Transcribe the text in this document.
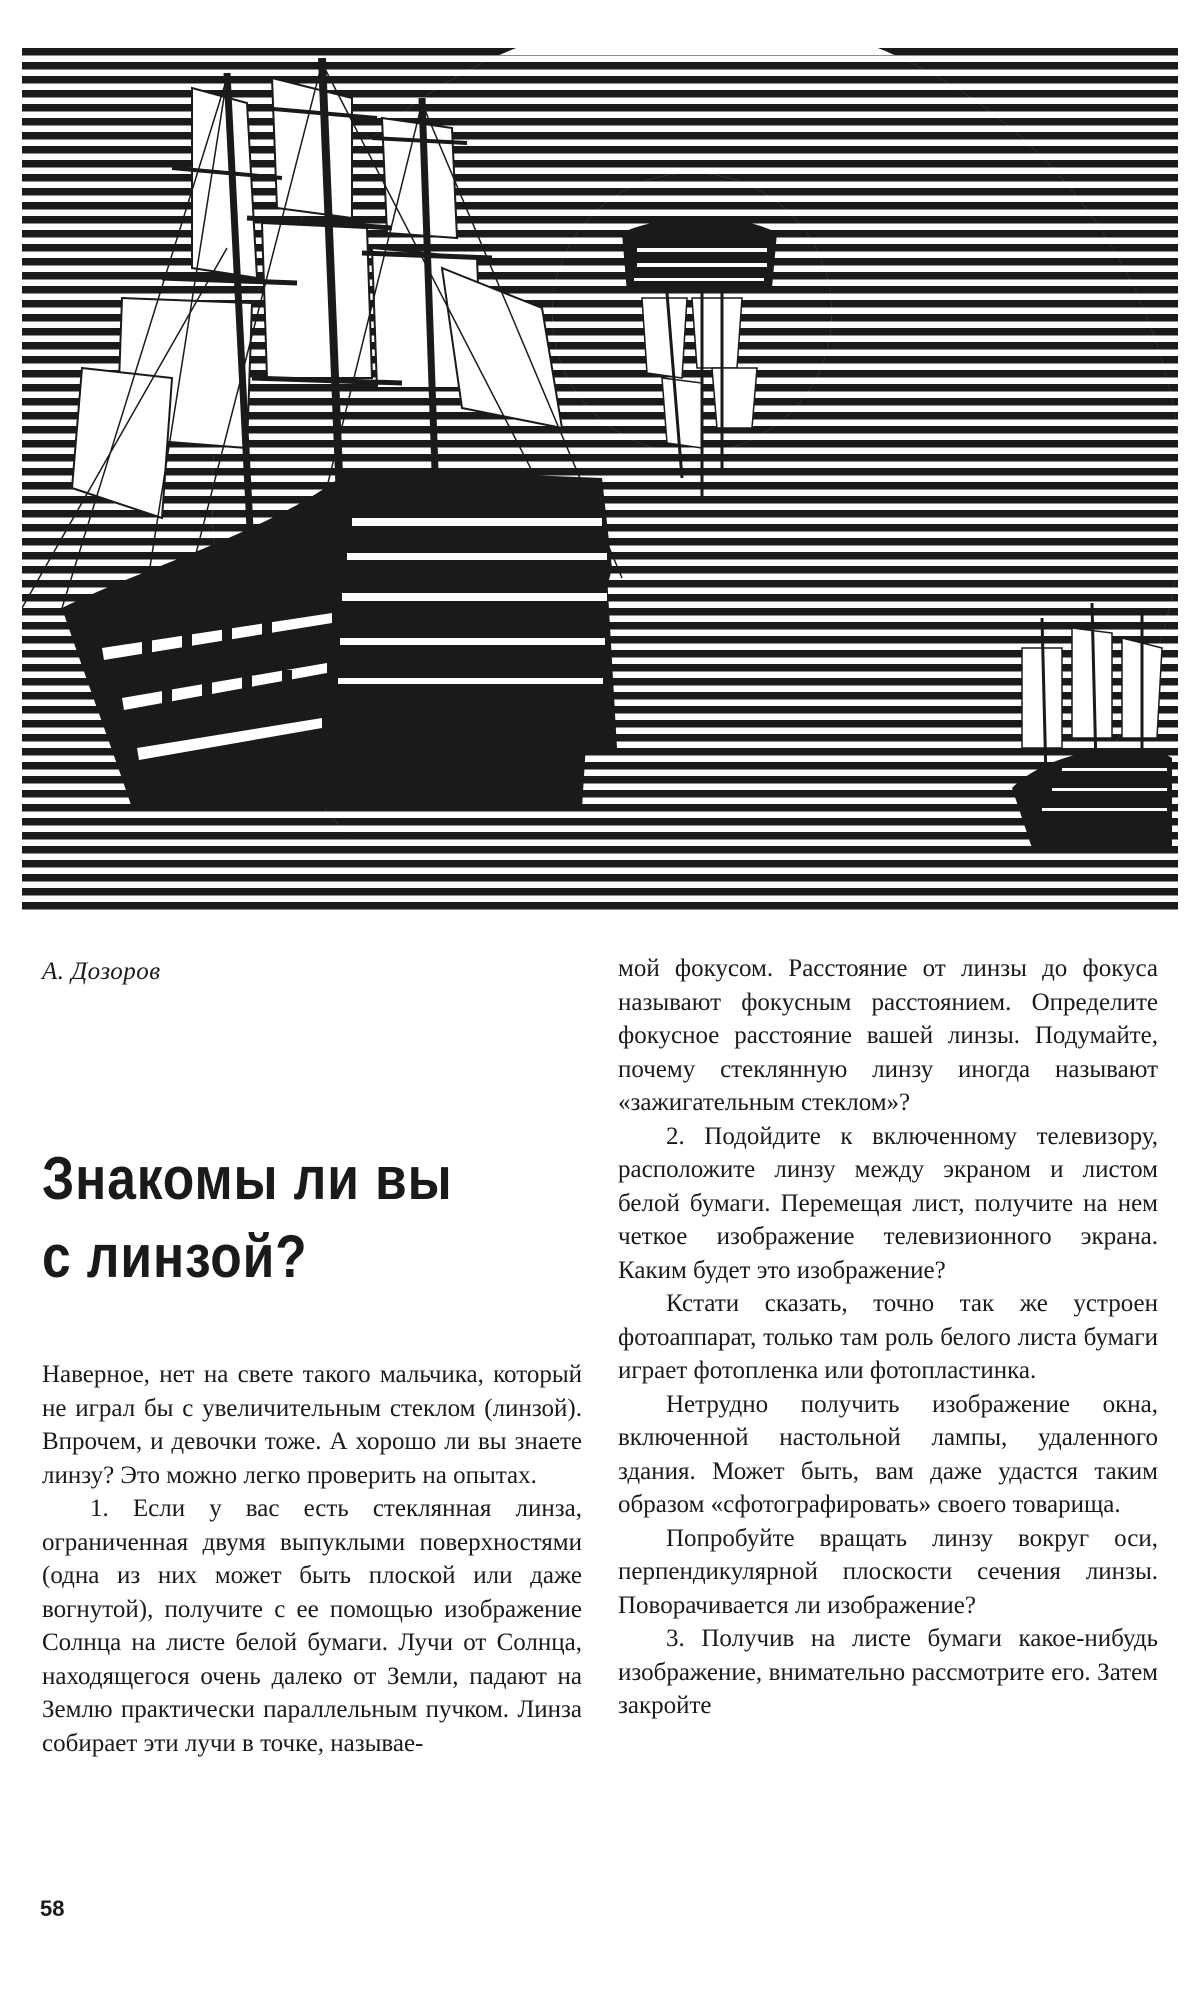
А. Дозоров
Знакомы ли вы
с линзой?

Наверное, нет на свете такого мальчика, который не играл бы с увеличительным стеклом (линзой). Впрочем, и девочки тоже. А хорошо ли вы знаете линзу? Это можно легко проверить на опытах.

1. Если у вас есть стеклянная линза, ограниченная двумя выпуклыми поверхностями (одна из них может быть плоской или даже вогнутой), получите с ее помощью изображение Солнца на листе белой бумаги. Лучи от Солнца, находящегося очень далеко от Земли, падают на Землю практически параллельным пучком. Линза собирает эти лучи в точке, называе-

мой фокусом. Расстояние от линзы до фокуса называют фокусным расстоянием. Определите фокусное расстояние вашей линзы. Подумайте, почему стеклянную линзу иногда называют «зажигательным стеклом»?

2. Подойдите к включенному телевизору, расположите линзу между экраном и листом белой бумаги. Перемещая лист, получите на нем четкое изображение телевизионного экрана. Каким будет это изображение?

Кстати сказать, точно так же устроен фотоаппарат, только там роль белого листа бумаги играет фотопленка или фотопластинка.

Нетрудно получить изображение окна, включенной настольной лампы, удаленного здания. Может быть, вам даже удастся таким образом «сфотографировать» своего товарища.

Попробуйте вращать линзу вокруг оси, перпендикулярной плоскости сечения линзы. Поворачивается ли изображение?

3. Получив на листе бумаги какое-нибудь изображение, внимательно рассмотрите его. Затем закройте

58
